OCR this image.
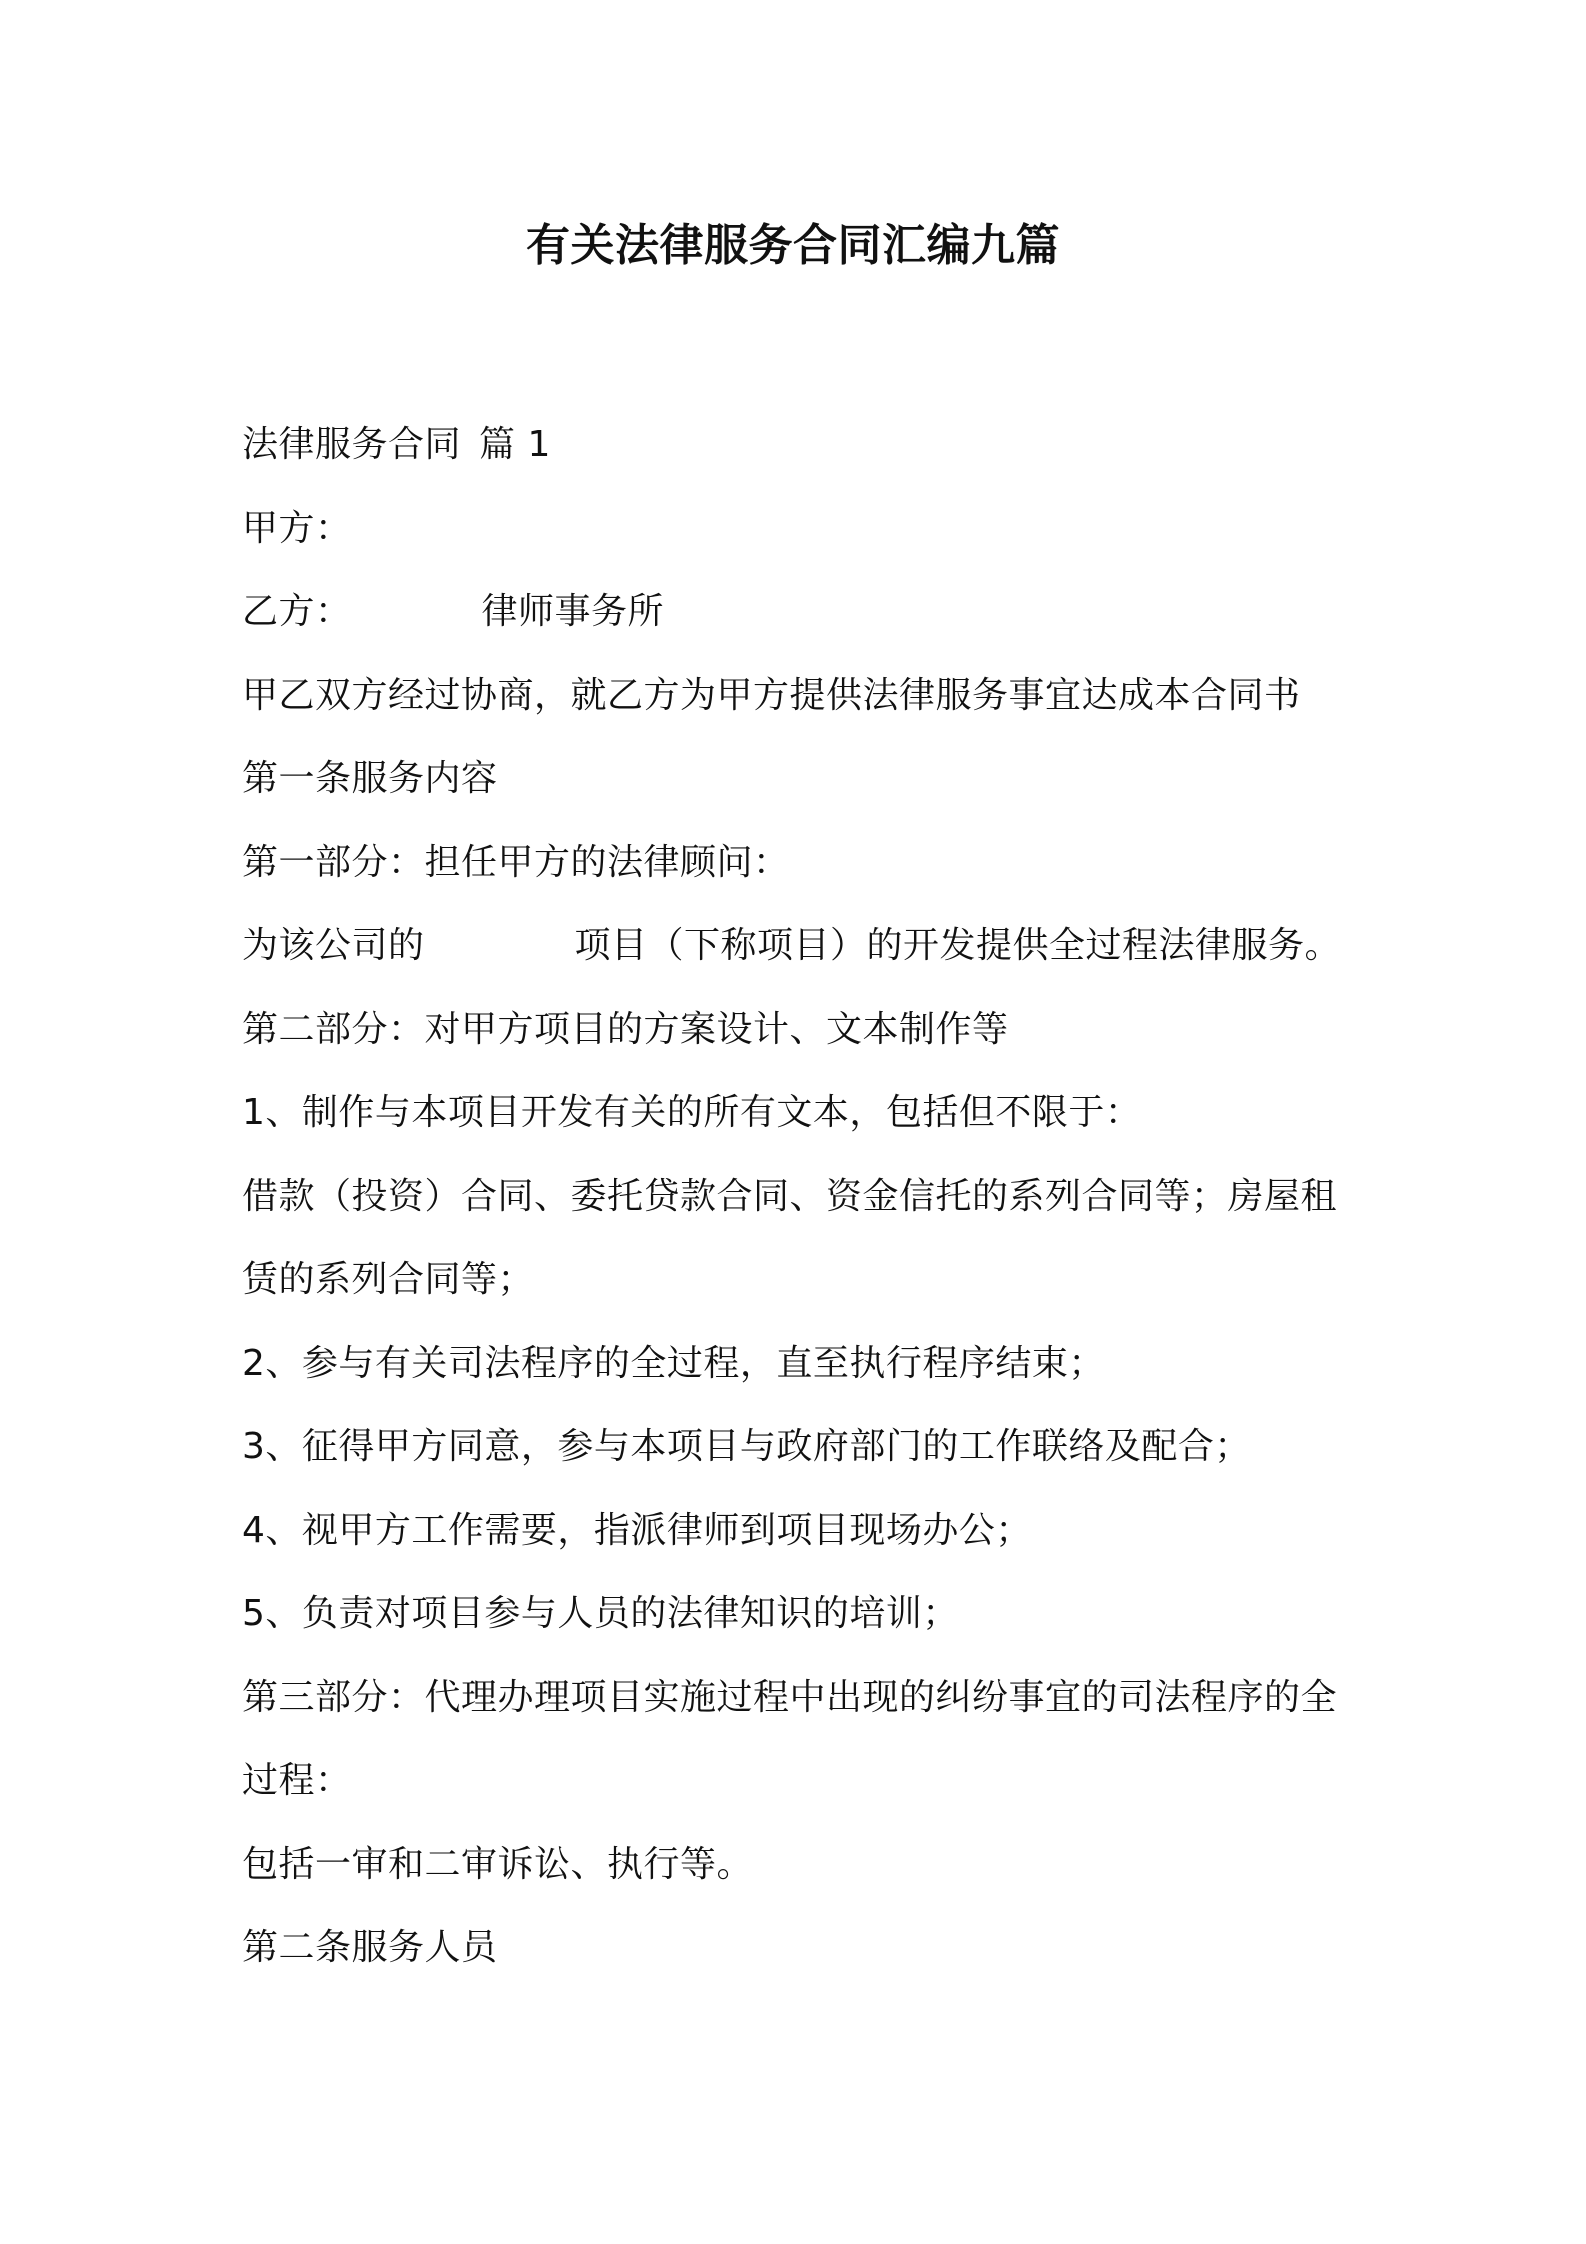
有关法律服务合同汇编九篇
法律服务合同 篇 1
甲方：
乙方：	律师事务所
甲乙双方经过协商，就乙方为甲方提供法律服务事宜达成本合同书
第一条服务内容
第一部分：担任甲方的法律顾问：
为该公司的	项目（下称项目）的开发提供全过程法律服务。
第二部分：对甲方项目的方案设计、文本制作等
1、制作与本项目开发有关的所有文本，包括但不限于：
借款（投资）合同、委托贷款合同、资金信托的系列合同等；房屋租
赁的系列合同等；
2、参与有关司法程序的全过程，直至执行程序结束；
3、征得甲方同意，参与本项目与政府部门的工作联络及配合；
4、视甲方工作需要，指派律师到项目现场办公；
5、负责对项目参与人员的法律知识的培训；
第三部分：代理办理项目实施过程中出现的纠纷事宜的司法程序的全
过程：
包括一审和二审诉讼、执行等。
第二条服务人员
